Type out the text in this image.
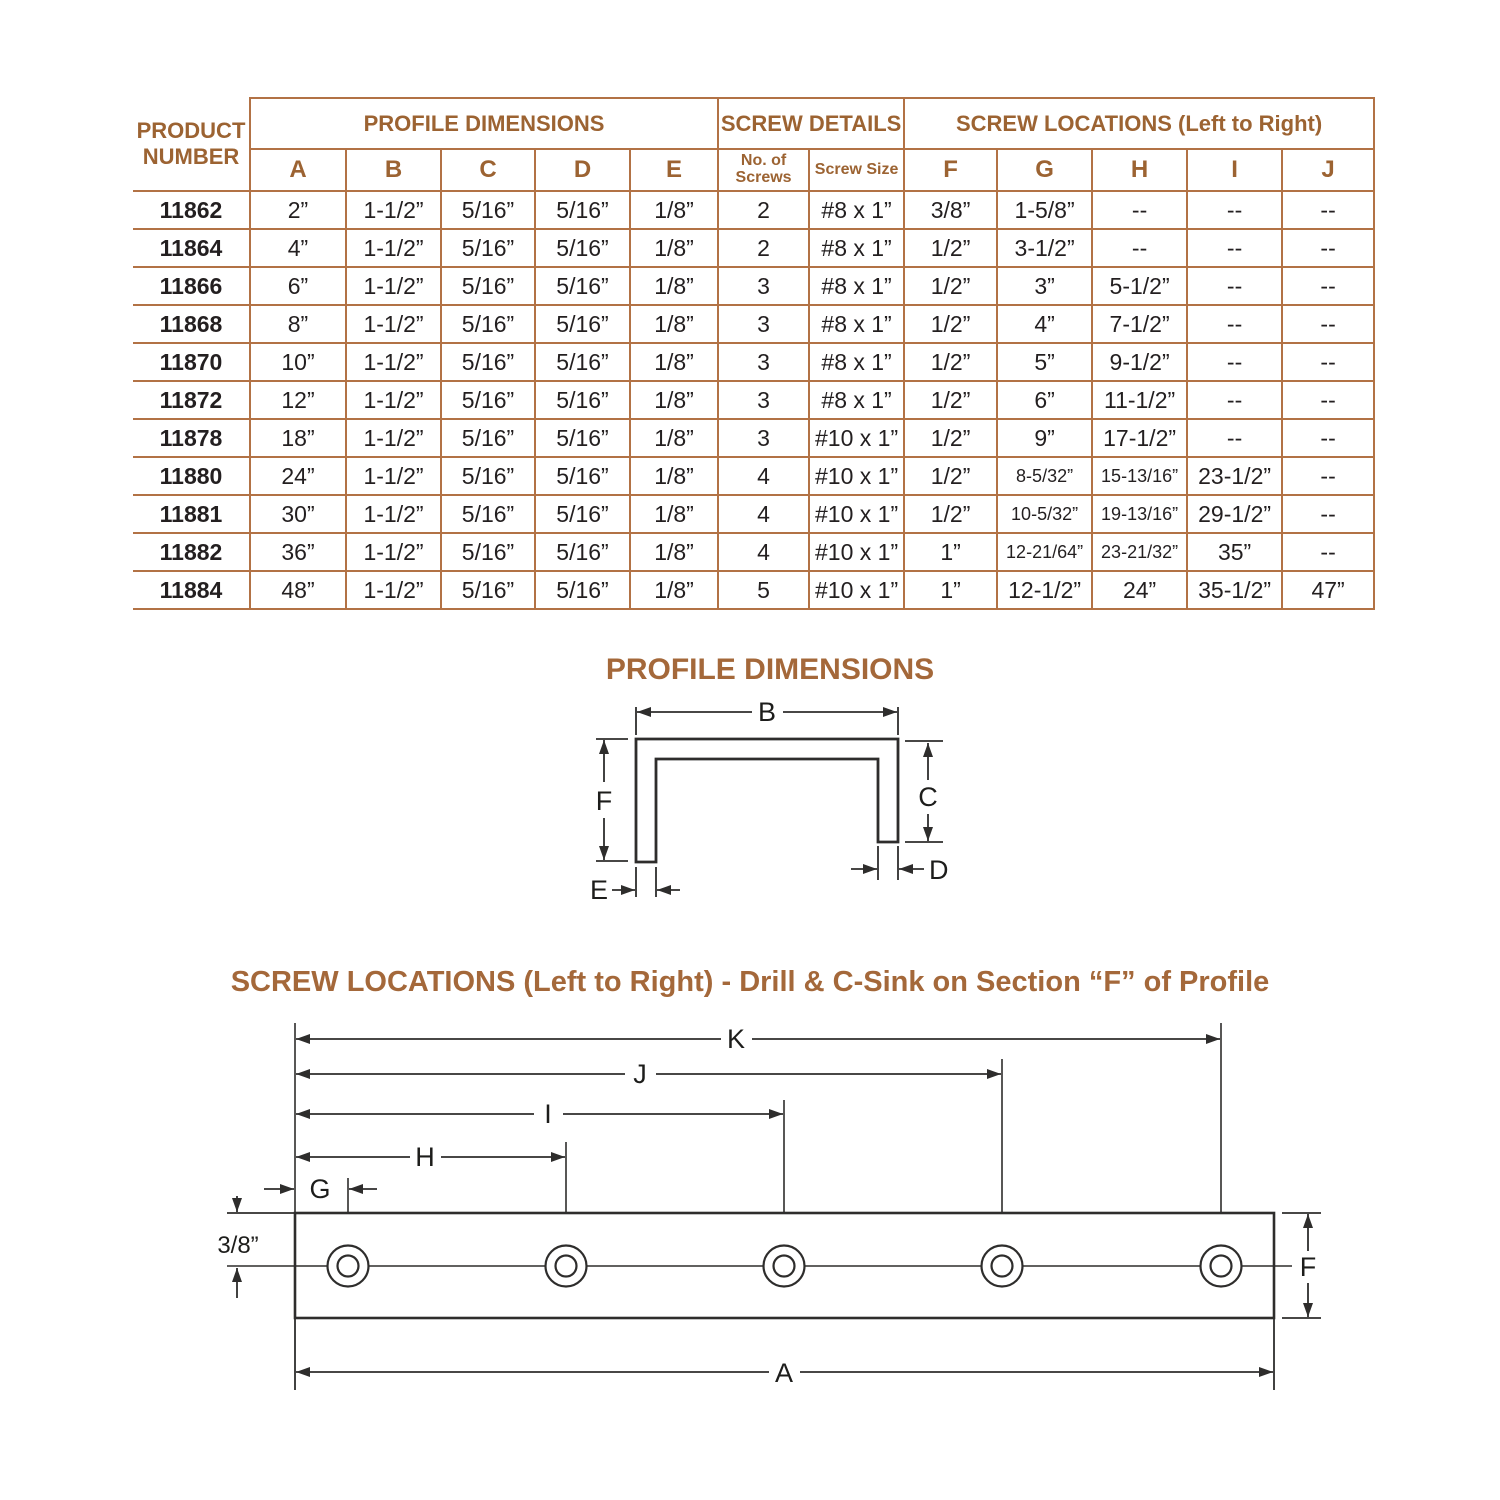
PRODUCT NUMBER	PROFILE DIMENSIONS					SCREW DETAILS		SCREW LOCATIONS (Left to Right)				
	A	B	C	D	E	No. of Screws	Screw Size	F	G	H	I	J
11862	2”	1-1/2”	5/16”	5/16”	1/8”	2	#8 x 1”	3/8”	1-5/8”	--	--	--
11864	4”	1-1/2”	5/16”	5/16”	1/8”	2	#8 x 1”	1/2”	3-1/2”	--	--	--
11866	6”	1-1/2”	5/16”	5/16”	1/8”	3	#8 x 1”	1/2”	3”	5-1/2”	--	--
11868	8”	1-1/2”	5/16”	5/16”	1/8”	3	#8 x 1”	1/2”	4”	7-1/2”	--	--
11870	10”	1-1/2”	5/16”	5/16”	1/8”	3	#8 x 1”	1/2”	5”	9-1/2”	--	--
11872	12”	1-1/2”	5/16”	5/16”	1/8”	3	#8 x 1”	1/2”	6”	11-1/2”	--	--
11878	18”	1-1/2”	5/16”	5/16”	1/8”	3	#10 x 1”	1/2”	9”	17-1/2”	--	--
11880	24”	1-1/2”	5/16”	5/16”	1/8”	4	#10 x 1”	1/2”	8-5/32”	15-13/16”	23-1/2”	--
11881	30”	1-1/2”	5/16”	5/16”	1/8”	4	#10 x 1”	1/2”	10-5/32”	19-13/16”	29-1/2”	--
11882	36”	1-1/2”	5/16”	5/16”	1/8”	4	#10 x 1”	1”	12-21/64”	23-21/32”	35”	--
11884	48”	1-1/2”	5/16”	5/16”	1/8”	5	#10 x 1”	1”	12-1/2”	24”	35-1/2”	47”
PROFILE DIMENSIONS
B
F	C
D
E
SCREW LOCATIONS (Left to Right) - Drill & C-Sink on Section “F” of Profile
K
J
I
H
G
3/8”
F
A
